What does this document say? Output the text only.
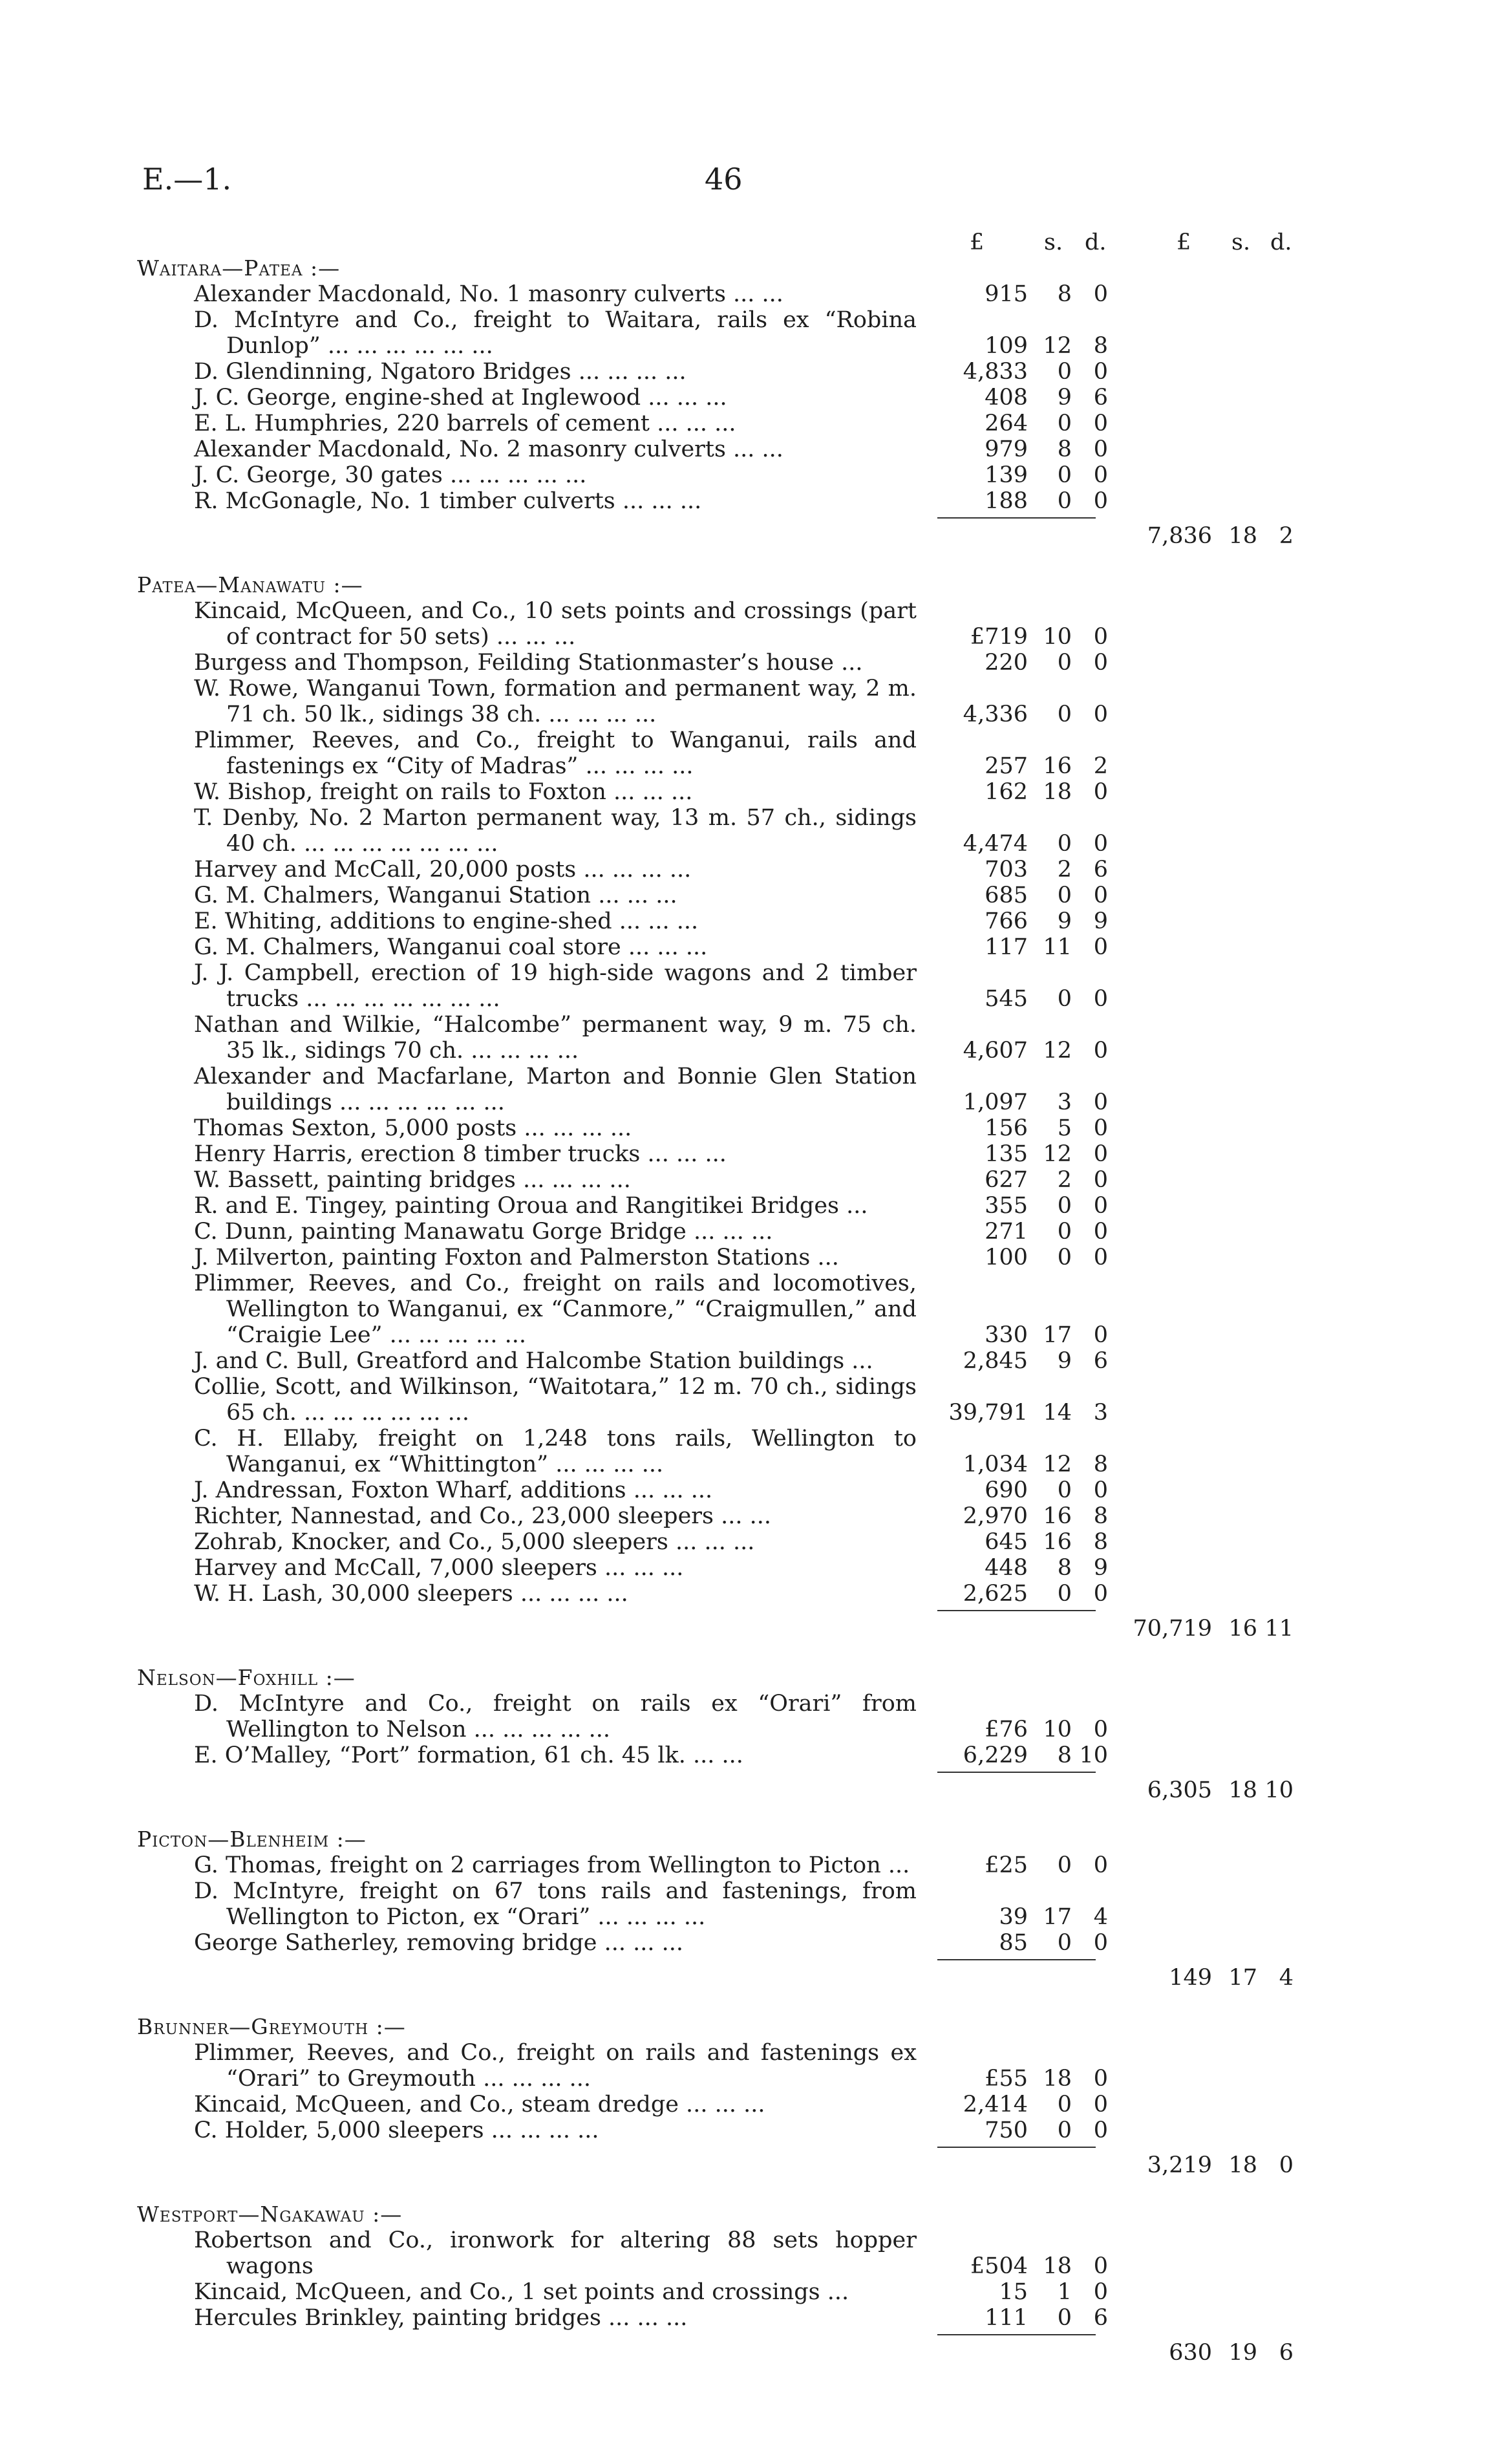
E.—1.	46
£	s. d.	£ s. d.
Waitara—Patea :—
Alexander Macdonald, No. 1 masonry culverts ... ...	915	8 0
D. McIntyre and Co., freight to Waitara, rails ex “Robina Dunlop” ... ... ... ... ... ...	109 12 8
D. Glendinning, Ngatoro Bridges ... ... ... ...	4,833	0 0
J. C. George, engine-shed at Inglewood ... ... ...	408	9 6
E. L. Humphries, 220 barrels of cement ... ... ...	264	0 0
Alexander Macdonald, No. 2 masonry culverts ... ...	979	8 0
J. C. George, 30 gates ... ... ... ... ...	139	0 0
R. McGonagle, No. 1 timber culverts ... ... ...	188	0 0
7,836 18 2
Patea—Manawatu :—
Kincaid, McQueen, and Co., 10 sets points and crossings (part of contract for 50 sets) ... ... ...	£719 10 0
Burgess and Thompson, Feilding Stationmaster’s house ...	220	0 0
W. Rowe, Wanganui Town, formation and permanent way, 2 m. 71 ch. 50 lk., sidings 38 ch. ... ... ... ...	4,336	0 0
Plimmer, Reeves, and Co., freight to Wanganui, rails and fastenings ex “City of Madras” ... ... ... ...	257 16 2
W. Bishop, freight on rails to Foxton ... ... ...	162 18 0
T. Denby, No. 2 Marton permanent way, 13 m. 57 ch., sidings 40 ch. ... ... ... ... ... ... ...	4,474	0 0
Harvey and McCall, 20,000 posts ... ... ... ...	703	2 6
G. M. Chalmers, Wanganui Station ... ... ...	685	0 0
E. Whiting, additions to engine-shed ... ... ...	766	9 9
G. M. Chalmers, Wanganui coal store ... ... ...	117 11 0
J. J. Campbell, erection of 19 high-side wagons and 2 timber trucks ... ... ... ... ... ... ...	545	0 0
Nathan and Wilkie, “Halcombe” permanent way, 9 m. 75 ch. 35 lk., sidings 70 ch. ... ... ... ...	4,607 12 0
Alexander and Macfarlane, Marton and Bonnie Glen Station buildings ... ... ... ... ... ...	1,097	3 0
Thomas Sexton, 5,000 posts ... ... ... ...	156	5 0
Henry Harris, erection 8 timber trucks ... ... ...	135 12 0
W. Bassett, painting bridges ... ... ... ...	627	2 0
R. and E. Tingey, painting Oroua and Rangitikei Bridges ...	355	0 0
C. Dunn, painting Manawatu Gorge Bridge ... ... ...	271	0 0
J. Milverton, painting Foxton and Palmerston Stations ...	100	0 0
Plimmer, Reeves, and Co., freight on rails and locomotives, Wellington to Wanganui, ex “Canmore,” “Craigmullen,” and “Craigie Lee” ... ... ... ... ...	330 17 0
J. and C. Bull, Greatford and Halcombe Station buildings ...	2,845	9 6
Collie, Scott, and Wilkinson, “Waitotara,” 12 m. 70 ch., sidings 65 ch. ... ... ... ... ... ...	39,791 14 3
C. H. Ellaby, freight on 1,248 tons rails, Wellington to Wanganui, ex “Whittington” ... ... ... ...	1,034 12 8
J. Andressan, Foxton Wharf, additions ... ... ...	690	0 0
Richter, Nannestad, and Co., 23,000 sleepers ... ...	2,970 16 8
Zohrab, Knocker, and Co., 5,000 sleepers ... ... ...	645 16 8
Harvey and McCall, 7,000 sleepers ... ... ...	448	8 9
W. H. Lash, 30,000 sleepers ... ... ... ...	2,625	0 0
70,719 16 11
Nelson—Foxhill :—
D. McIntyre and Co., freight on rails ex “Orari” from Wellington to Nelson ... ... ... ... ...	£76 10 0
E. O’Malley, “Port” formation, 61 ch. 45 lk. ... ...	6,229	8 10
6,305 18 10
Picton—Blenheim :—
G. Thomas, freight on 2 carriages from Wellington to Picton ...	£25	0 0
D. McIntyre, freight on 67 tons rails and fastenings, from Wellington to Picton, ex “Orari” ... ... ... ...	39 17 4
George Satherley, removing bridge ... ... ...	85	0 0
149 17 4
Brunner—Greymouth :—
Plimmer, Reeves, and Co., freight on rails and fastenings ex “Orari” to Greymouth ... ... ... ...	£55 18 0
Kincaid, McQueen, and Co., steam dredge ... ... ...	2,414	0 0
C. Holder, 5,000 sleepers ... ... ... ...	750	0 0
3,219 18 0
Westport—Ngakawau :—
Robertson and Co., ironwork for altering 88 sets hopper wagons	£504 18 0
Kincaid, McQueen, and Co., 1 set points and crossings ...	15	1 0
Hercules Brinkley, painting bridges ... ... ...	111	0 6
630 19 6
